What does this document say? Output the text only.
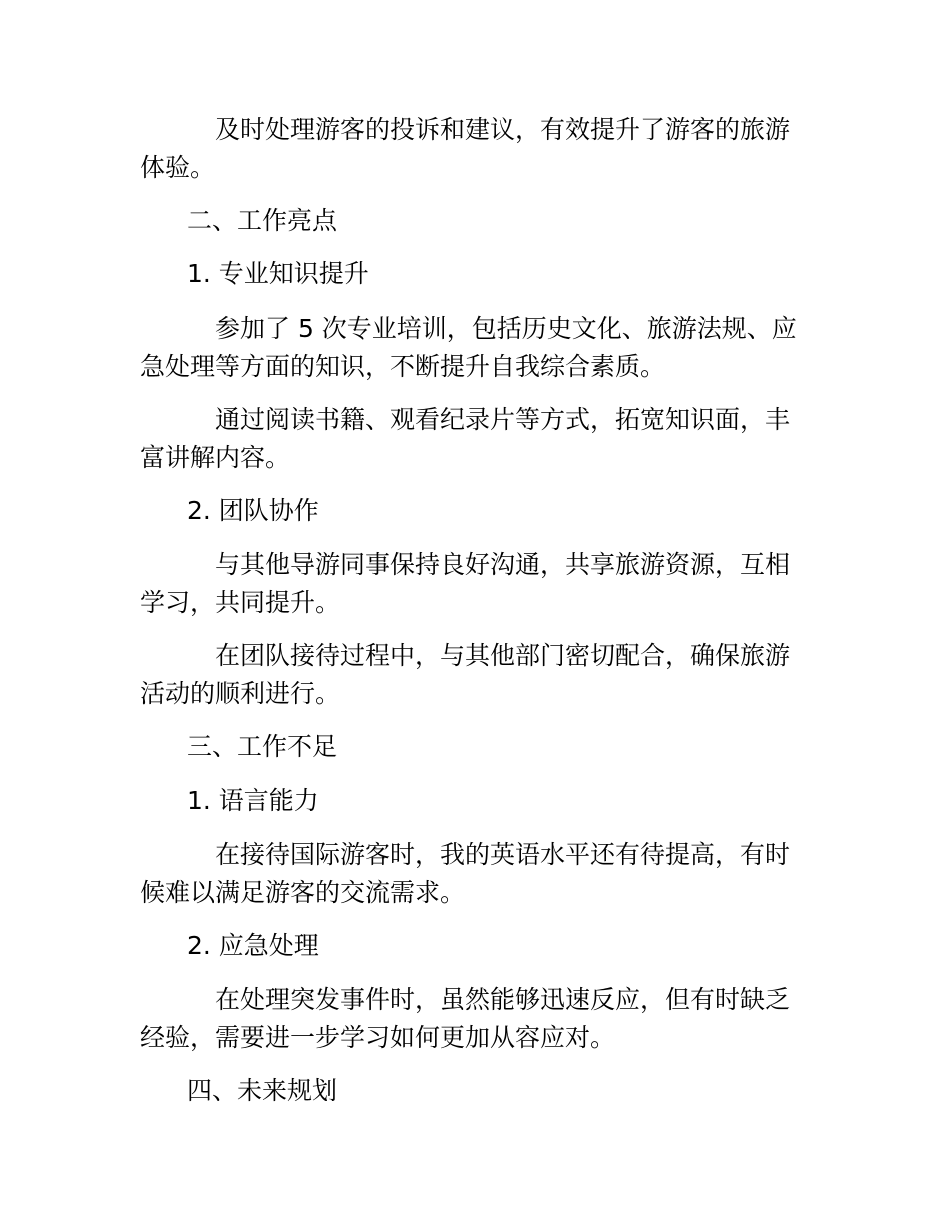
及时处理游客的投诉和建议，有效提升了游客的旅游
体验。
二、工作亮点
1. 专业知识提升
参加了 5 次专业培训，包括历史文化、旅游法规、应
急处理等方面的知识，不断提升自我综合素质。
通过阅读书籍、观看纪录片等方式，拓宽知识面，丰
富讲解内容。
2. 团队协作
与其他导游同事保持良好沟通，共享旅游资源，互相
学习，共同提升。
在团队接待过程中，与其他部门密切配合，确保旅游
活动的顺利进行。
三、工作不足
1. 语言能力
在接待国际游客时，我的英语水平还有待提高，有时
候难以满足游客的交流需求。
2. 应急处理
在处理突发事件时，虽然能够迅速反应，但有时缺乏
经验，需要进一步学习如何更加从容应对。
四、未来规划
